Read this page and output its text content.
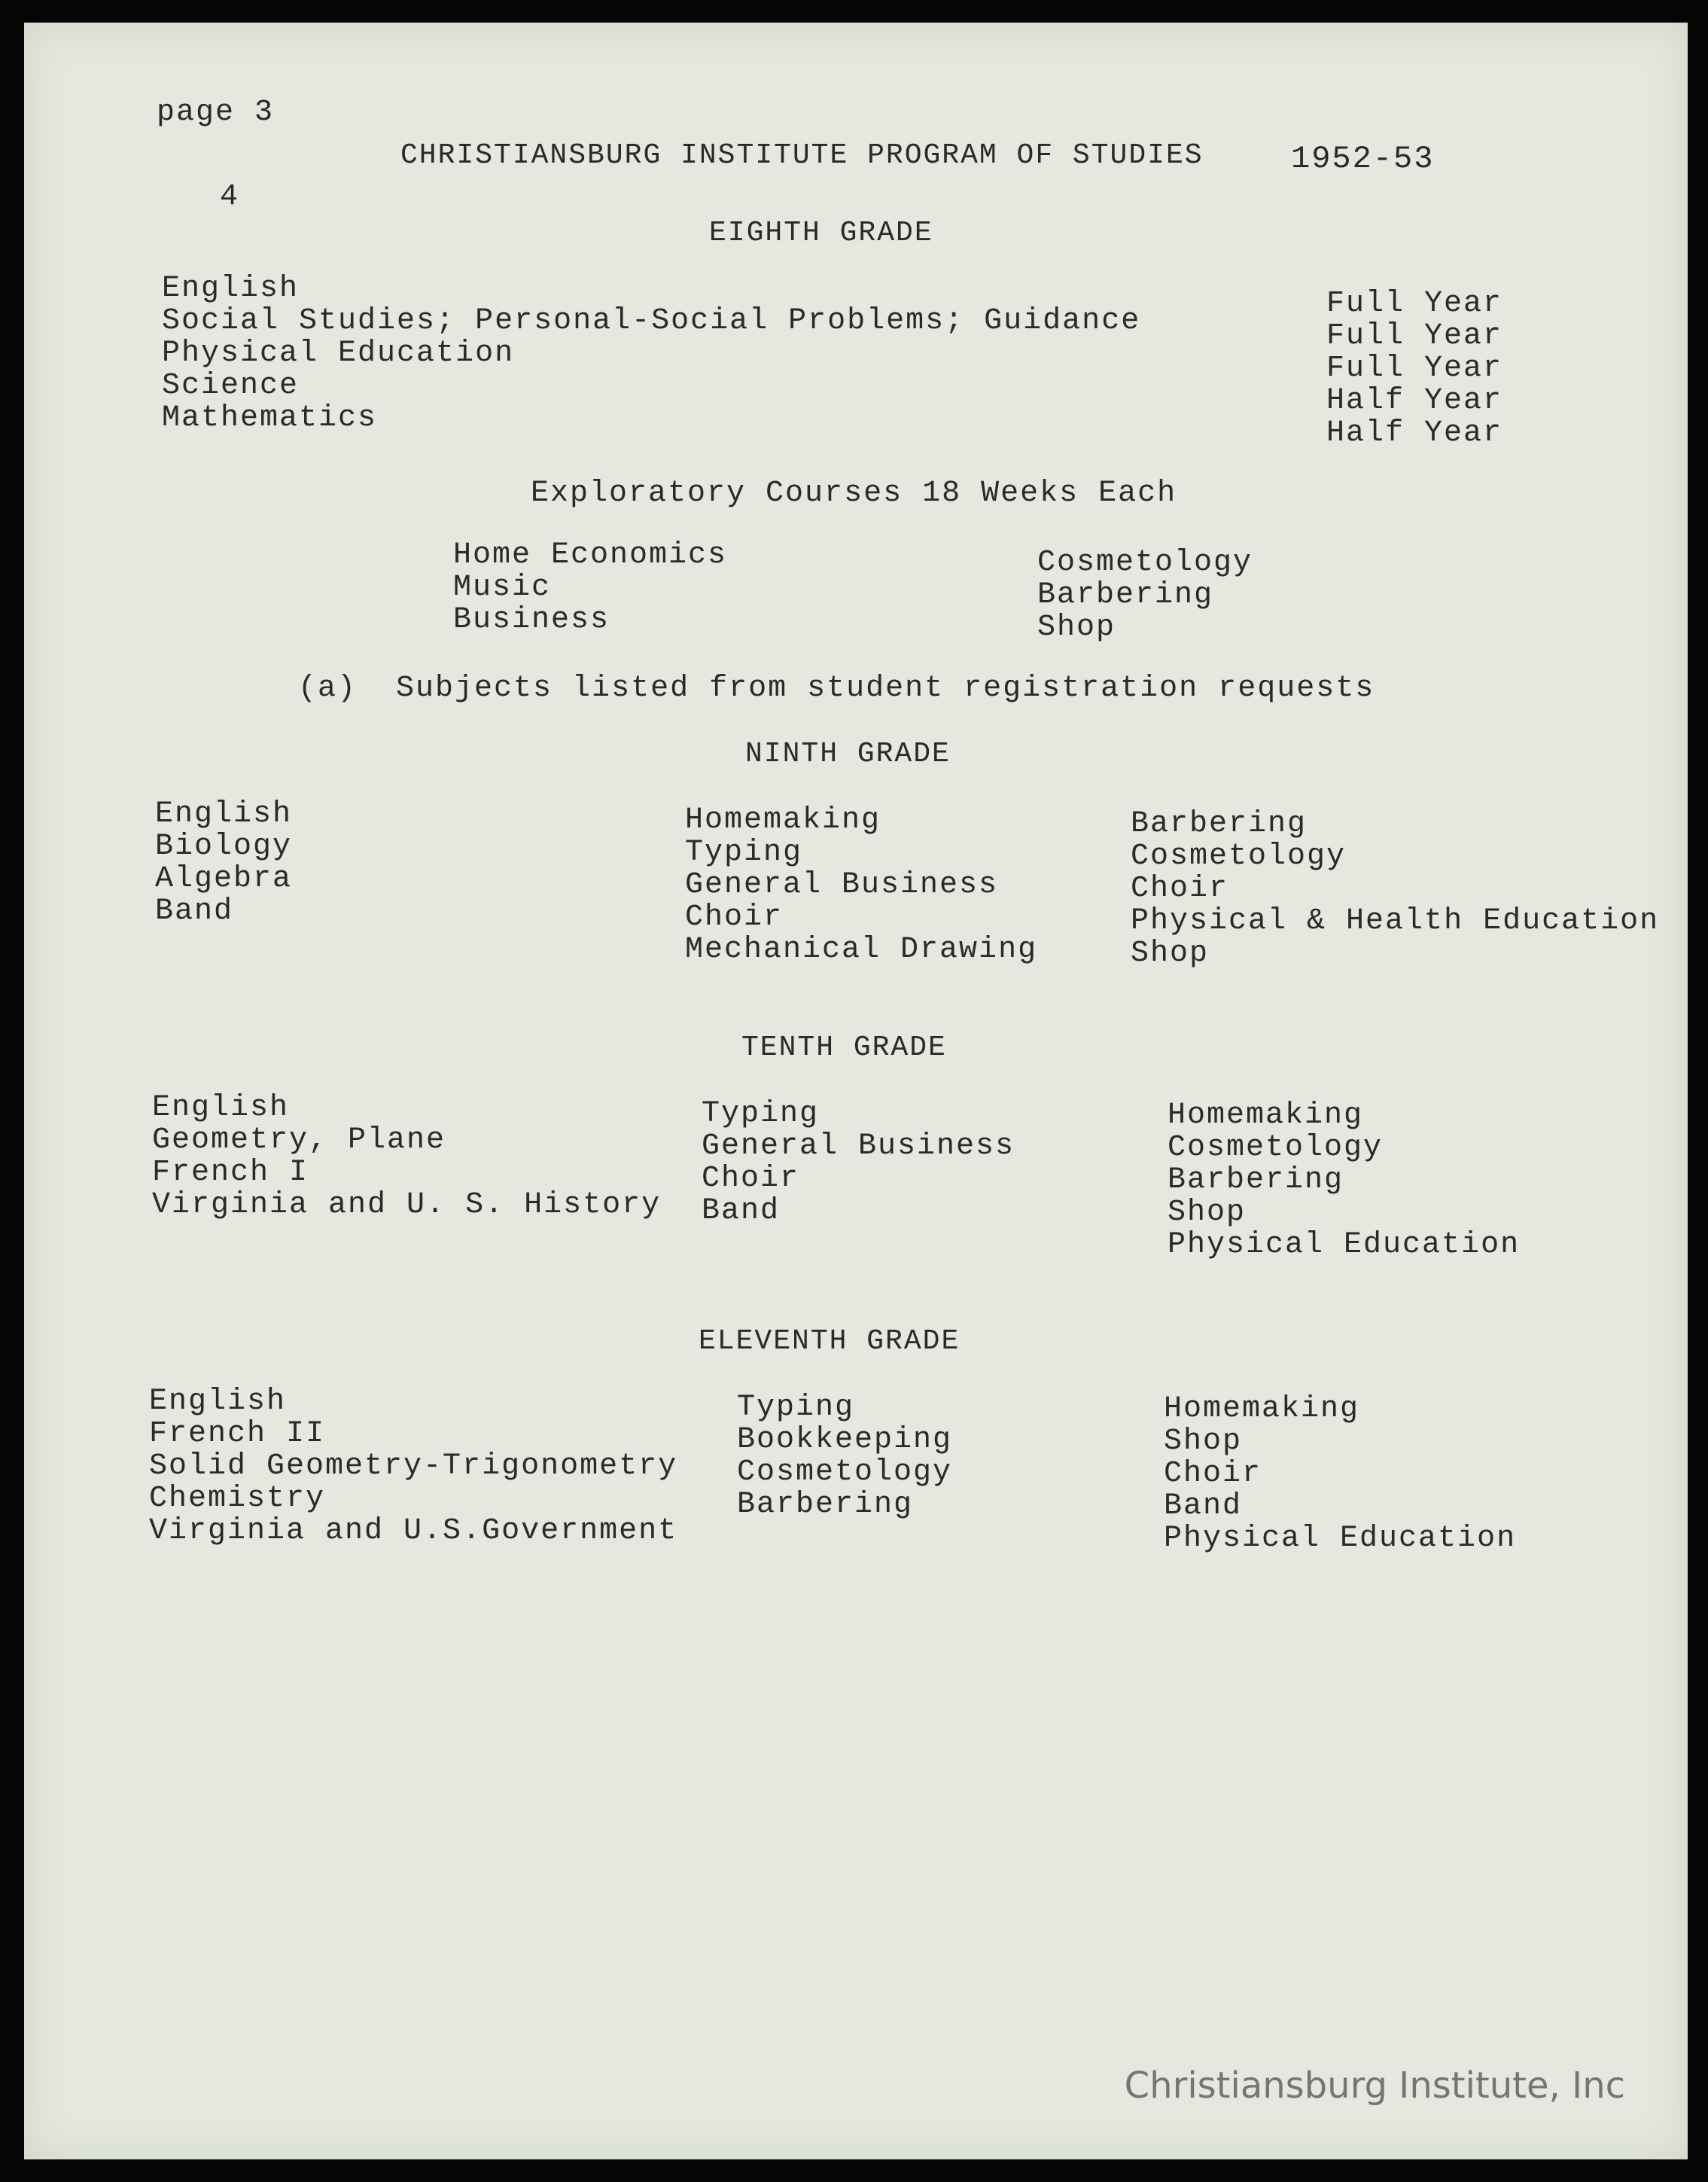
page 3
CHRISTIANSBURG INSTITUTE PROGRAM OF STUDIES	1952-53
4
EIGHTH GRADE
English
Social Studies; Personal-Social Problems; Guidance
Physical Education
Science
Mathematics
Full Year
Full Year
Full Year
Half Year
Half Year
Exploratory Courses 18 Weeks Each
Home Economics
Music
Business
Cosmetology
Barbering
Shop
(a)  Subjects listed from student registration requests
NINTH GRADE
English
Biology
Algebra
Band
Homemaking
Typing
General Business
Choir
Mechanical Drawing
Barbering
Cosmetology
Choir
Physical & Health Education
Shop
TENTH GRADE
English
Geometry, Plane
French I
Virginia and U. S. History
Typing
General Business
Choir
Band
Homemaking
Cosmetology
Barbering
Shop
Physical Education
ELEVENTH GRADE
English
French II
Solid Geometry-Trigonometry
Chemistry
Virginia and U.S.Government
Typing
Bookkeeping
Cosmetology
Barbering
Homemaking
Shop
Choir
Band
Physical Education
Christiansburg Institute, Inc
